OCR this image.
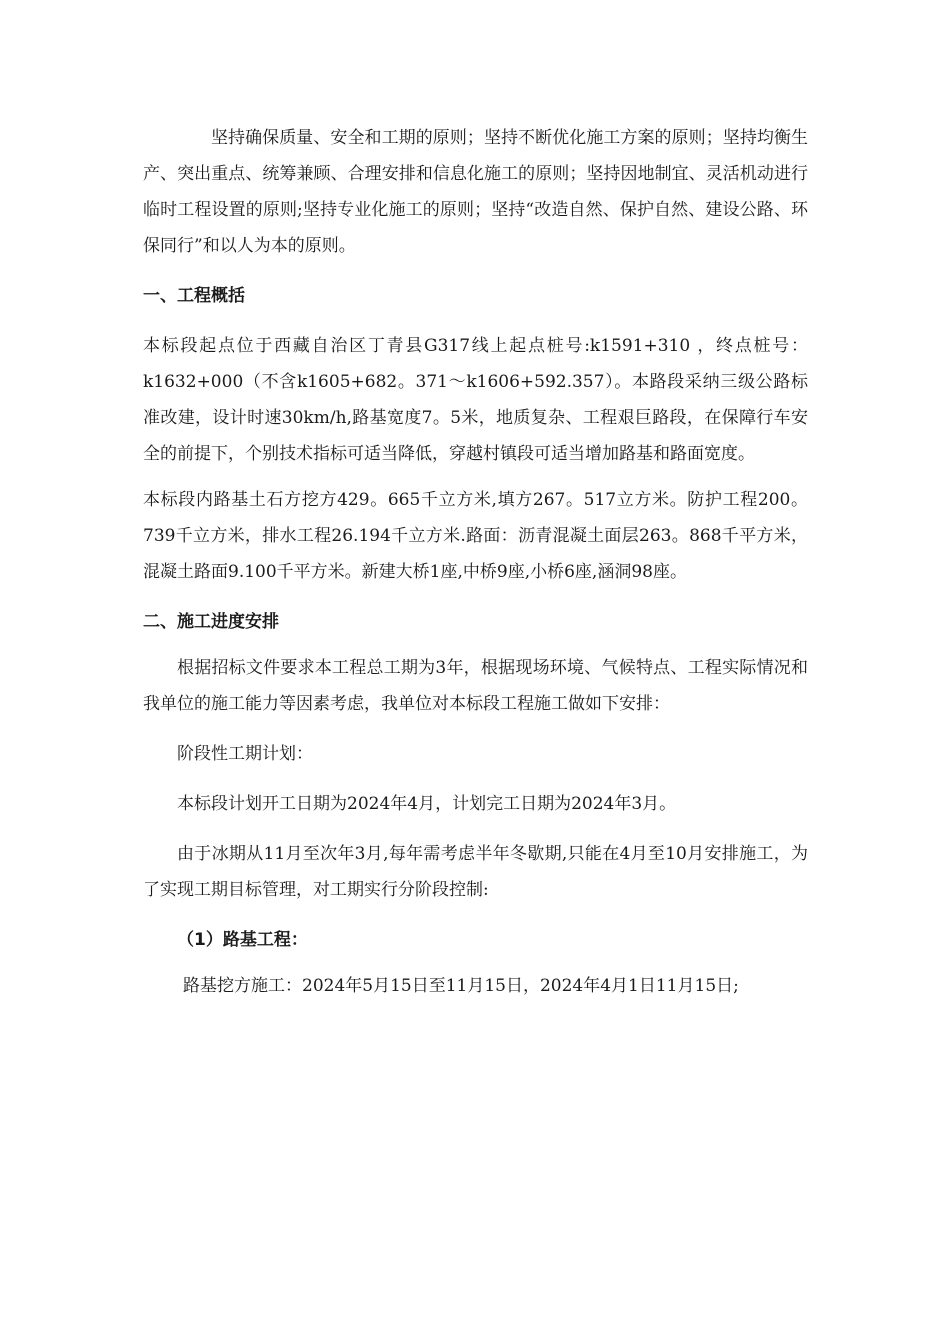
坚持确保质量、安全和工期的原则；坚持不断优化施工方案的原则；坚持均衡生产、突出重点、统筹兼顾、合理安排和信息化施工的原则；坚持因地制宜、灵活机动进行临时工程设置的原则;坚持专业化施工的原则；坚持“改造自然、保护自然、建设公路、环保同行”和以人为本的原则。

一、工程概括

本标段起点位于西藏自治区丁青县G317线上起点桩号:k1591+310 ，终点桩号：k1632+000（不含k1605+682。371～k1606+592.357）。本路段采纳三级公路标准改建，设计时速30km/h,路基宽度7。5米，地质复杂、工程艰巨路段，在保障行车安全的前提下，个别技术指标可适当降低，穿越村镇段可适当增加路基和路面宽度。

本标段内路基土石方挖方429。665千立方米,填方267。517立方米。防护工程200。739千立方米，排水工程26.194千立方米.路面：沥青混凝土面层263。868千平方米，混凝土路面9.100千平方米。新建大桥1座,中桥9座,小桥6座,涵洞98座。

二、施工进度安排

根据招标文件要求本工程总工期为3年，根据现场环境、气候特点、工程实际情况和我单位的施工能力等因素考虑，我单位对本标段工程施工做如下安排：

阶段性工期计划：

本标段计划开工日期为2024年4月，计划完工日期为2024年3月。

由于冰期从11月至次年3月,每年需考虑半年冬歇期,只能在4月至10月安排施工，为了实现工期目标管理，对工期实行分阶段控制:

（1）路基工程：

路基挖方施工：2024年5月15日至11月15日，2024年4月1日11月15日;
